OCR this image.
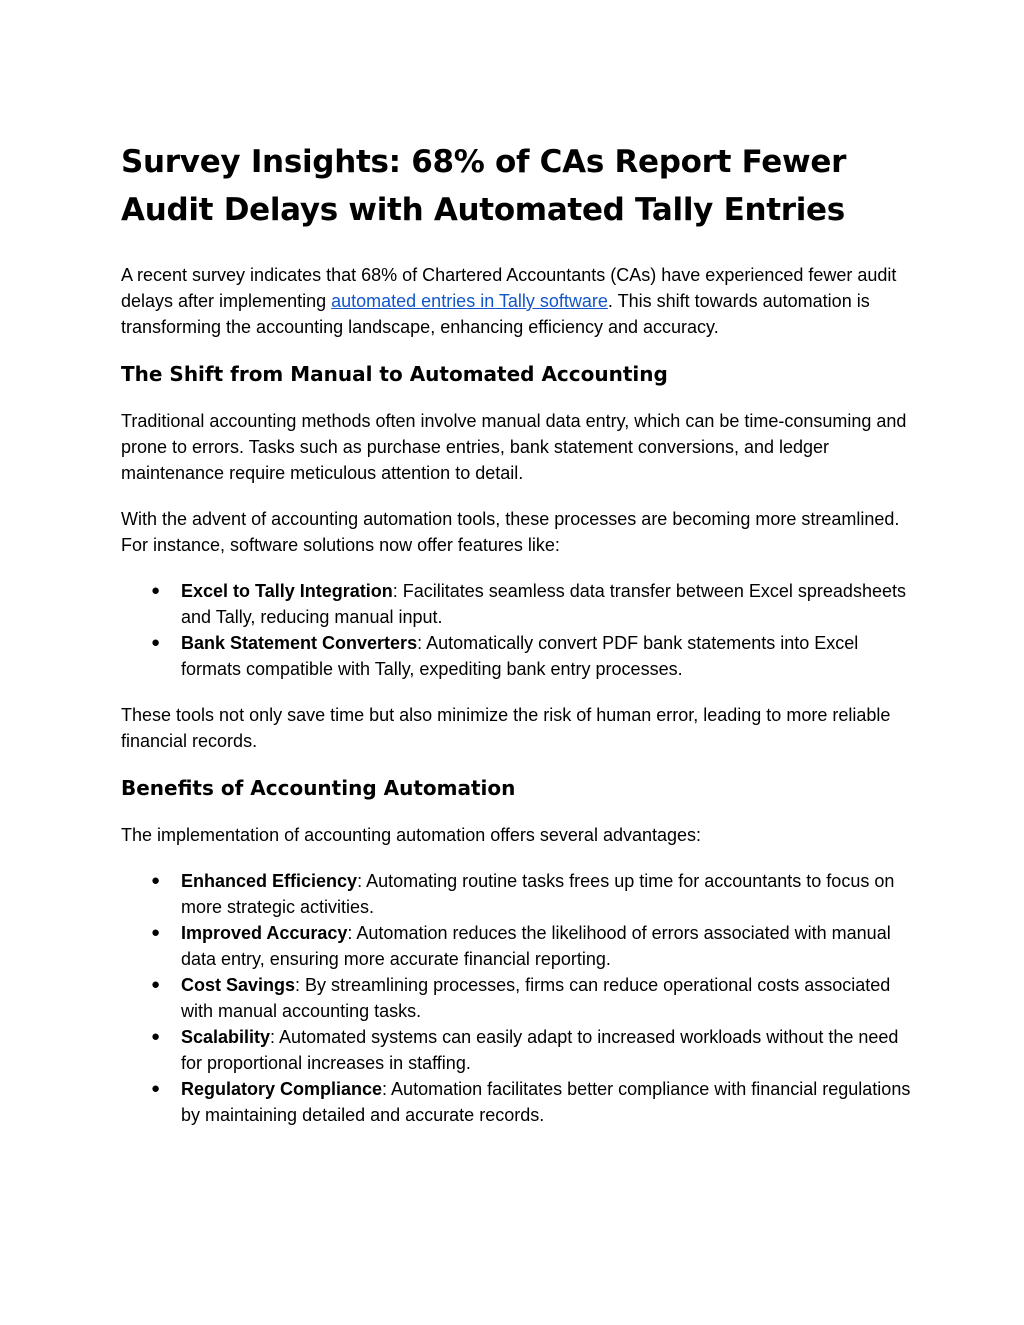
Survey Insights: 68% of CAs Report Fewer Audit Delays with Automated Tally Entries

A recent survey indicates that 68% of Chartered Accountants (CAs) have experienced fewer audit delays after implementing automated entries in Tally software. This shift towards automation is transforming the accounting landscape, enhancing efficiency and accuracy.

The Shift from Manual to Automated Accounting

Traditional accounting methods often involve manual data entry, which can be time-consuming and prone to errors. Tasks such as purchase entries, bank statement conversions, and ledger maintenance require meticulous attention to detail.

With the advent of accounting automation tools, these processes are becoming more streamlined. For instance, software solutions now offer features like:

● Excel to Tally Integration: Facilitates seamless data transfer between Excel spreadsheets and Tally, reducing manual input.
● Bank Statement Converters: Automatically convert PDF bank statements into Excel formats compatible with Tally, expediting bank entry processes.

These tools not only save time but also minimize the risk of human error, leading to more reliable financial records.

Benefits of Accounting Automation

The implementation of accounting automation offers several advantages:

● Enhanced Efficiency: Automating routine tasks frees up time for accountants to focus on more strategic activities.
● Improved Accuracy: Automation reduces the likelihood of errors associated with manual data entry, ensuring more accurate financial reporting.
● Cost Savings: By streamlining processes, firms can reduce operational costs associated with manual accounting tasks.
● Scalability: Automated systems can easily adapt to increased workloads without the need for proportional increases in staffing.
● Regulatory Compliance: Automation facilitates better compliance with financial regulations by maintaining detailed and accurate records.
